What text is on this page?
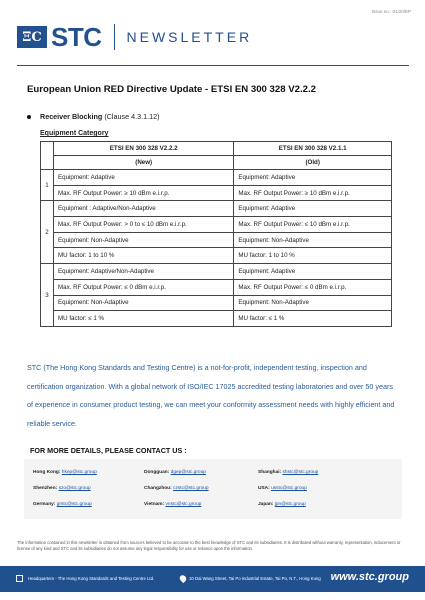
Issue no.: 01/20/EP
ΞC STC NEWSLETTER
European Union RED Directive Update - ETSI EN 300 328 V2.2.2
Receiver Blocking (Clause 4.3.1.12)
Equipment Category
	ETSI EN 300 328 V2.2.2	ETSI EN 300 328 V2.1.1
	(New)	(Old)
1	Equipment: Adaptive	Equipment: Adaptive
	Max. RF Output Power: ≥ 10 dBm e.i.r.p.	Max. RF Output Power: ≥ 10 dBm e.i.r.p.
2	Equipment : Adaptive/Non-Adaptive	Equipment: Adaptive
	Max. RF Output Power: > 0 to ≤ 10 dBm e.i.r.p.	Max. RF Output Power: ≤ 10 dBm e.i.r.p.
	Equipment: Non-Adaptive	Equipment: Non-Adaptive
	MU factor: 1 to 10 %	MU factor: 1 to 10 %
3	Equipment: Adaptive/Non-Adaptive	Equipment: Adaptive
	Max. RF Output Power: ≤ 0 dBm e.i.r.p.	Max. RF Output Power: ≤ 0 dBm e.i.r.p.
	Equipment: Non-Adaptive	Equipment: Non-Adaptive
	MU factor: ≤ 1 %	MU factor: ≤ 1 %
STC (The Hong Kong Standards and Testing Centre) is a not-for-profit, independent testing, inspection and certification organization. With a global network of ISO/IEC 17025 accredited testing laboratories and over 50 years of experience in consumer product testing, we can meet your conformity assessment needs with highly efficient and reliable service.
FOR MORE DETAILS, PLEASE CONTACT US :
Hong Kong: hkep@stc.group	Dongguan: dgep@stc.group	Shanghai: shstc@stc.group
Shenzhen: szo@stc.group	Changzhou: czstc@stc.group	USA: usstc@stc.group
Germany: grstc@stc.group	Vietnam: vnstc@stc.group	Japan: jpn@stc.group
The information contained in this newsletter is obtained from sources believed to be accurate to the best knowledge of STC and its subsidiaries. It is distributed without warranty, representation, inducement or license of any kind and STC and its subsidiaries do not assume any legal responsibility for use or reliance upon the information.
Headquarters - The Hong Kong Standards and Testing Centre Ltd.	10 Dai Wang Street, Tai Po Industrial Estate, Tai Po, N.T., Hong Kong www.stc.group
